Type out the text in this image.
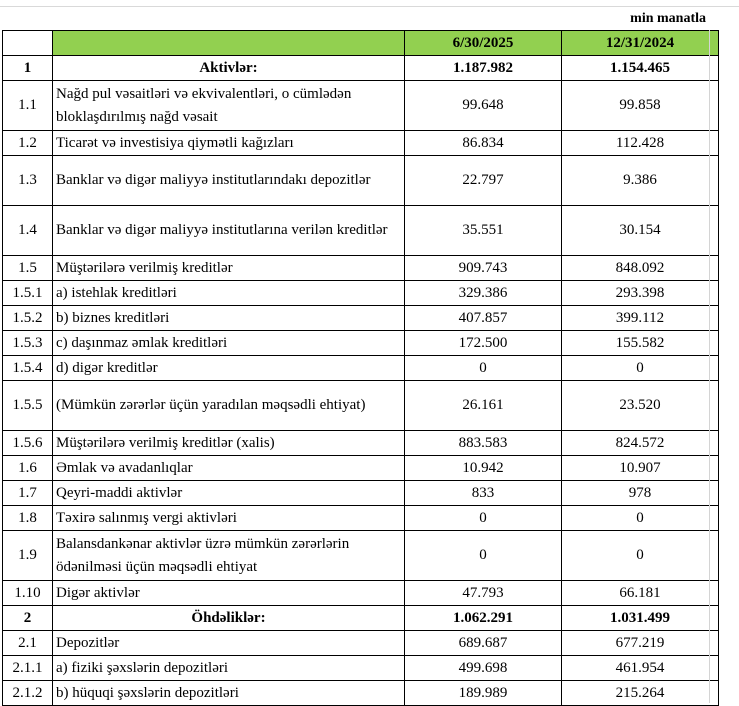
min manatla
		6/30/2025	12/31/2024
1	Aktivlər:	1.187.982	1.154.465
1.1	Nağd pul vəsaitləri və ekvivalentləri, o cümlədən bloklaşdırılmış nağd vəsait	99.648	99.858
1.2	Ticarət və investisiya qiymətli kağızları	86.834	112.428
1.3	Banklar və digər maliyyə institutlarındakı depozitlər	22.797	9.386
1.4	Banklar və digər maliyyə institutlarına verilən kreditlər	35.551	30.154
1.5	Müştərilərə verilmiş kreditlər	909.743	848.092
1.5.1	a) istehlak kreditləri	329.386	293.398
1.5.2	b) biznes kreditləri	407.857	399.112
1.5.3	c) daşınmaz əmlak kreditləri	172.500	155.582
1.5.4	d) digər kreditlər	0	0
1.5.5	(Mümkün zərərlər üçün yaradılan məqsədli ehtiyat)	26.161	23.520
1.5.6	Müştərilərə verilmiş kreditlər (xalis)	883.583	824.572
1.6	Əmlak və avadanlıqlar	10.942	10.907
1.7	Qeyri-maddi aktivlər	833	978
1.8	Təxirə salınmış vergi aktivləri	0	0
1.9	Balansdankənar aktivlər üzrə mümkün zərərlərin ödənilməsi üçün məqsədli ehtiyat	0	0
1.10	Digər aktivlər	47.793	66.181
2	Öhdəliklər:	1.062.291	1.031.499
2.1	Depozitlər	689.687	677.219
2.1.1	a) fiziki şəxslərin depozitləri	499.698	461.954
2.1.2	b) hüquqi şəxslərin depozitləri	189.989	215.264
